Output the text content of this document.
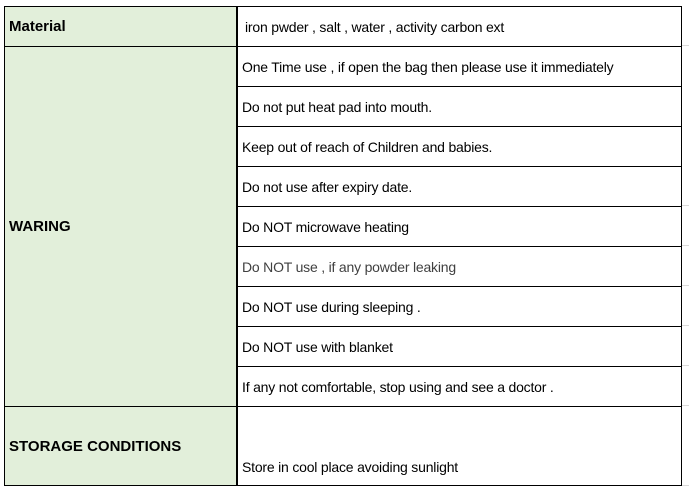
Material	iron pwder , salt , water , activity carbon ext
WARING
One Time use , if open the bag then please use it immediately
Do not put heat pad into mouth.
Keep out of reach of Children and babies.
Do not use after expiry date.
Do NOT microwave heating
Do NOT use , if any powder leaking
Do NOT use during sleeping .
Do NOT use with blanket
If any not comfortable, stop using and see a doctor .
STORAGE CONDITIONS
Store in cool place avoiding sunlight
